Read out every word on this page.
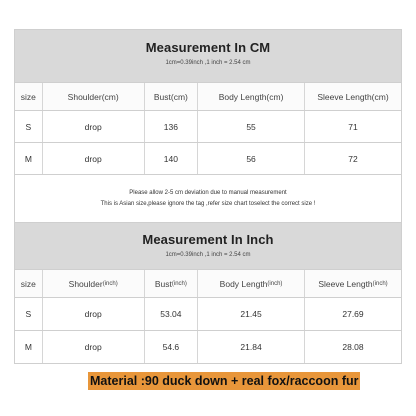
Measurement In CM
1cm=0.39inch ,1 inch = 2.54 cm
size	Shoulder(cm)	Bust(cm)	Body Length(cm)	Sleeve Length(cm)
S	drop	136	55	71
M	drop	140	56	72
Please allow 2-5 cm deviation due to manual measurement
This is Asian size,please ignore the tag ,refer size chart toselect the correct size !
Measurement In Inch
1cm=0.39inch ,1 inch = 2.54 cm
size	Shoulder (inch)	Bust (inch)	Body Length (inch)	Sleeve Length (inch)
S	drop	53.04	21.45	27.69
M	drop	54.6	21.84	28.08
Material :90 duck down + real fox/raccoon fur
